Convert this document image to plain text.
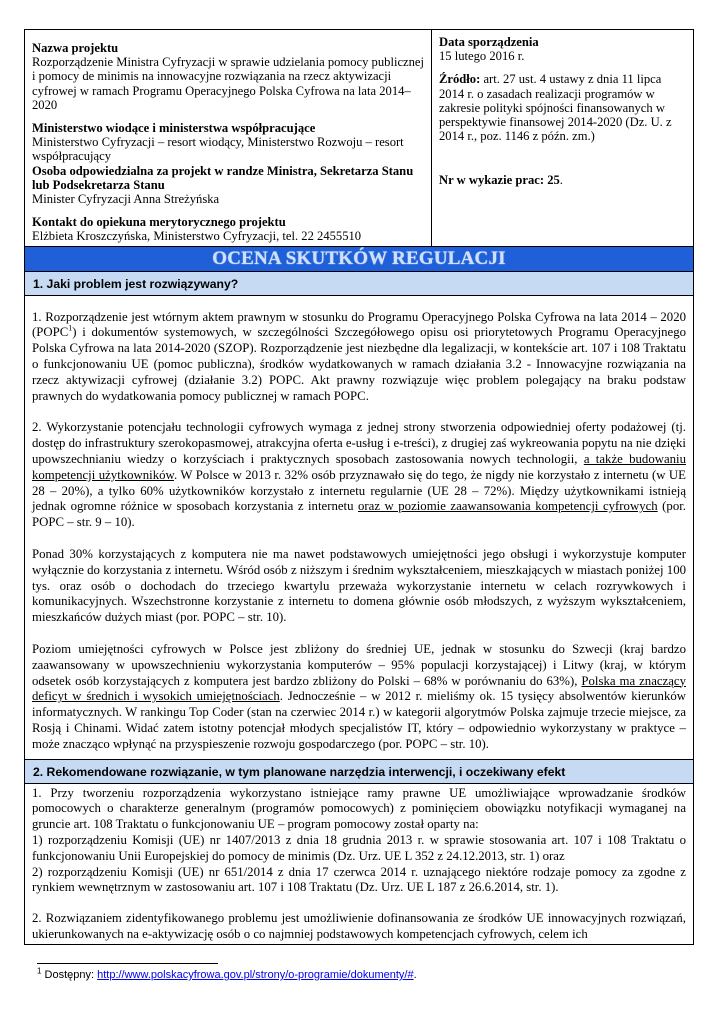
Nazwa projektu
Rozporządzenie Ministra Cyfryzacji w sprawie udzielania pomocy publicznej i pomocy de minimis na innowacyjne rozwiązania na rzecz aktywizacji cyfrowej w ramach Programu Operacyjnego Polska Cyfrowa na lata 2014–2020
Ministerstwo wiodące i ministerstwa współpracujące
Ministerstwo Cyfryzacji – resort wiodący, Ministerstwo Rozwoju – resort współpracujący
Osoba odpowiedzialna za projekt w randze Ministra, Sekretarza Stanu lub Podsekretarza Stanu
Minister Cyfryzacji Anna Streżyńska
Kontakt do opiekuna merytorycznego projektu
Elżbieta Kroszczyńska, Ministerstwo Cyfryzacji, tel. 22 2455510

Data sporządzenia
15 lutego 2016 r.
Źródło: art. 27 ust. 4 ustawy z dnia 11 lipca 2014 r. o zasadach realizacji programów w zakresie polityki spójności finansowanych w perspektywie finansowej 2014-2020 (Dz. U. z 2014 r., poz. 1146 z późn. zm.)
Nr w wykazie prac: 25.

OCENA SKUTKÓW REGULACJI

1. Jaki problem jest rozwiązywany?

1. Rozporządzenie jest wtórnym aktem prawnym w stosunku do Programu Operacyjnego Polska Cyfrowa na lata 2014 – 2020 (POPC$^1$) i dokumentów systemowych, w szczególności Szczegółowego opisu osi priorytetowych Programu Operacyjnego Polska Cyfrowa na lata 2014-2020 (SZOP). Rozporządzenie jest niezbędne dla legalizacji, w kontekście art. 107 i 108 Traktatu o funkcjonowaniu UE (pomoc publiczna), środków wydatkowanych w ramach działania 3.2 - Innowacyjne rozwiązania na rzecz aktywizacji cyfrowej (działanie 3.2) POPC. Akt prawny rozwiązuje więc problem polegający na braku podstaw prawnych do wydatkowania pomocy publicznej w ramach POPC.

2. Wykorzystanie potencjału technologii cyfrowych wymaga z jednej strony stworzenia odpowiedniej oferty podażowej (tj. dostęp do infrastruktury szerokopasmowej, atrakcyjna oferta e-usług i e-treści), z drugiej zaś wykreowania popytu na nie dzięki upowszechnianiu wiedzy o korzyściach i praktycznych sposobach zastosowania nowych technologii, a także budowaniu kompetencji użytkowników. W Polsce w 2013 r. 32% osób przyznawało się do tego, że nigdy nie korzystało z internetu (w UE 28 – 20%), a tylko 60% użytkowników korzystało z internetu regularnie (UE 28 – 72%). Między użytkownikami istnieją jednak ogromne różnice w sposobach korzystania z internetu oraz w poziomie zaawansowania kompetencji cyfrowych (por. POPC – str. 9 – 10).

Ponad 30% korzystających z komputera nie ma nawet podstawowych umiejętności jego obsługi i wykorzystuje komputer wyłącznie do korzystania z internetu. Wśród osób z niższym i średnim wykształceniem, mieszkających w miastach poniżej 100 tys. oraz osób o dochodach do trzeciego kwartylu przeważa wykorzystanie internetu w celach rozrywkowych i komunikacyjnych. Wszechstronne korzystanie z internetu to domena głównie osób młodszych, z wyższym wykształceniem, mieszkańców dużych miast (por. POPC – str. 10).

Poziom umiejętności cyfrowych w Polsce jest zbliżony do średniej UE, jednak w stosunku do Szwecji (kraj bardzo zaawansowany w upowszechnieniu wykorzystania komputerów – 95% populacji korzystającej) i Litwy (kraj, w którym odsetek osób korzystających z komputera jest bardzo zbliżony do Polski – 68% w porównaniu do 63%), Polska ma znaczący deficyt w średnich i wysokich umiejętnościach. Jednocześnie – w 2012 r. mieliśmy ok. 15 tysięcy absolwentów kierunków informatycznych. W rankingu Top Coder (stan na czerwiec 2014 r.) w kategorii algorytmów Polska zajmuje trzecie miejsce, za Rosją i Chinami. Widać zatem istotny potencjał młodych specjalistów IT, który – odpowiednio wykorzystany w praktyce – może znacząco wpłynąć na przyspieszenie rozwoju gospodarczego (por. POPC – str. 10).

2. Rekomendowane rozwiązanie, w tym planowane narzędzia interwencji, i oczekiwany efekt

1. Przy tworzeniu rozporządzenia wykorzystano istniejące ramy prawne UE umożliwiające wprowadzanie środków pomocowych o charakterze generalnym (programów pomocowych) z pominięciem obowiązku notyfikacji wymaganej na gruncie art. 108 Traktatu o funkcjonowaniu UE – program pomocowy został oparty na:

1) rozporządzeniu Komisji (UE) nr 1407/2013 z dnia 18 grudnia 2013 r. w sprawie stosowania art. 107 i 108 Traktatu o funkcjonowaniu Unii Europejskiej do pomocy de minimis (Dz. Urz. UE L 352 z 24.12.2013, str. 1) oraz
2) rozporządzeniu Komisji (UE) nr 651/2014 z dnia 17 czerwca 2014 r. uznającego niektóre rodzaje pomocy za zgodne z rynkiem wewnętrznym w zastosowaniu art. 107 i 108 Traktatu (Dz. Urz. UE L 187 z 26.6.2014, str. 1).

2. Rozwiązaniem zidentyfikowanego problemu jest umożliwienie dofinansowania ze środków UE innowacyjnych rozwiązań, ukierunkowanych na e-aktywizację osób o co najmniej podstawowych kompetencjach cyfrowych, celem ich

$^1$ Dostępny: http://www.polskacyfrowa.gov.pl/strony/o-programie/dokumenty/#.
